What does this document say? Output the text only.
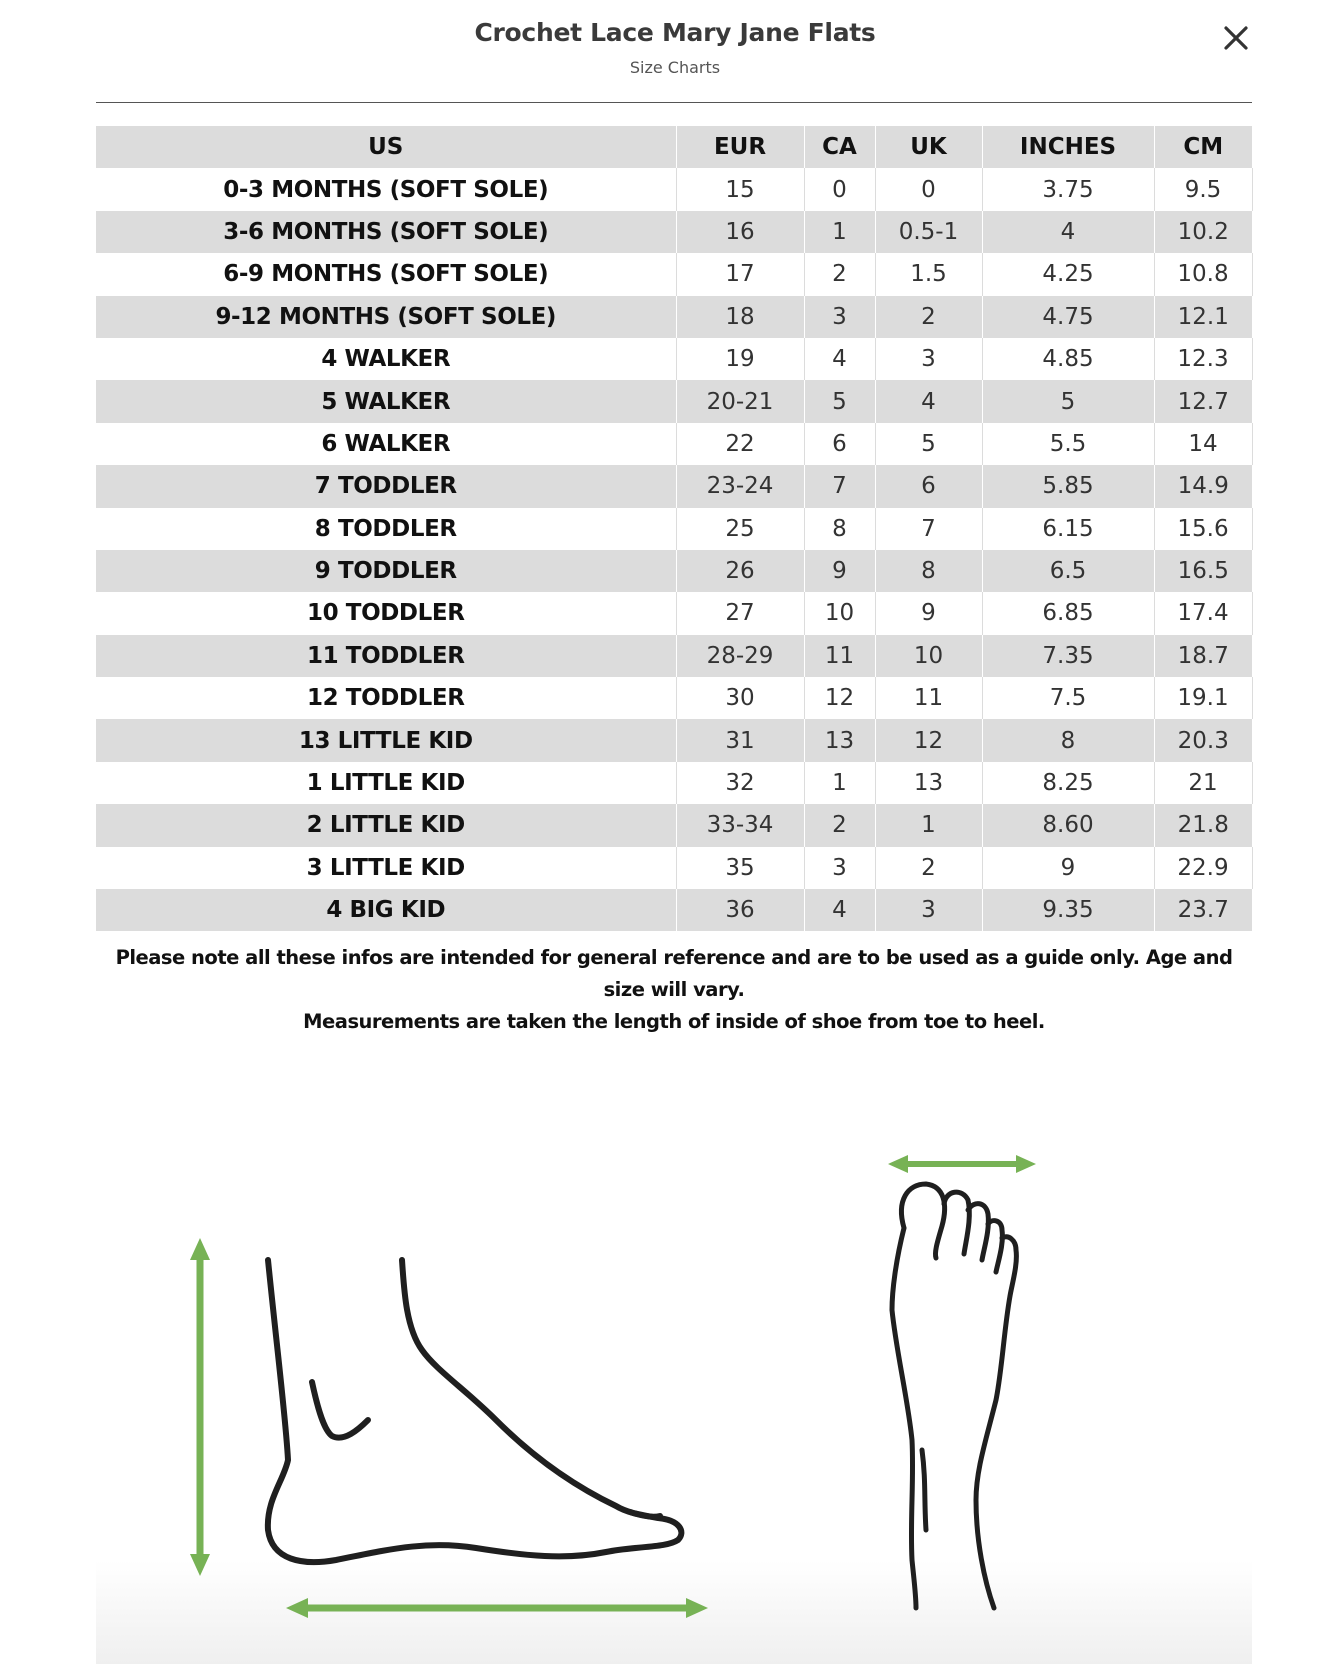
Crochet Lace Mary Jane Flats
Size Charts
US	EUR	CA	UK	INCHES	CM
0-3 MONTHS (SOFT SOLE)	15	0	0	3.75	9.5
3-6 MONTHS (SOFT SOLE)	16	1	0.5-1	4	10.2
6-9 MONTHS (SOFT SOLE)	17	2	1.5	4.25	10.8
9-12 MONTHS (SOFT SOLE)	18	3	2	4.75	12.1
4 WALKER	19	4	3	4.85	12.3
5 WALKER	20-21	5	4	5	12.7
6 WALKER	22	6	5	5.5	14
7 TODDLER	23-24	7	6	5.85	14.9
8 TODDLER	25	8	7	6.15	15.6
9 TODDLER	26	9	8	6.5	16.5
10 TODDLER	27	10	9	6.85	17.4
11 TODDLER	28-29	11	10	7.35	18.7
12 TODDLER	30	12	11	7.5	19.1
13 LITTLE KID	31	13	12	8	20.3
1 LITTLE KID	32	1	13	8.25	21
2 LITTLE KID	33-34	2	1	8.60	21.8
3 LITTLE KID	35	3	2	9	22.9
4 BIG KID	36	4	3	9.35	23.7
Please note all these infos are intended for general reference and are to be used as a guide only. Age and size will vary.
Measurements are taken the length of inside of shoe from toe to heel.
